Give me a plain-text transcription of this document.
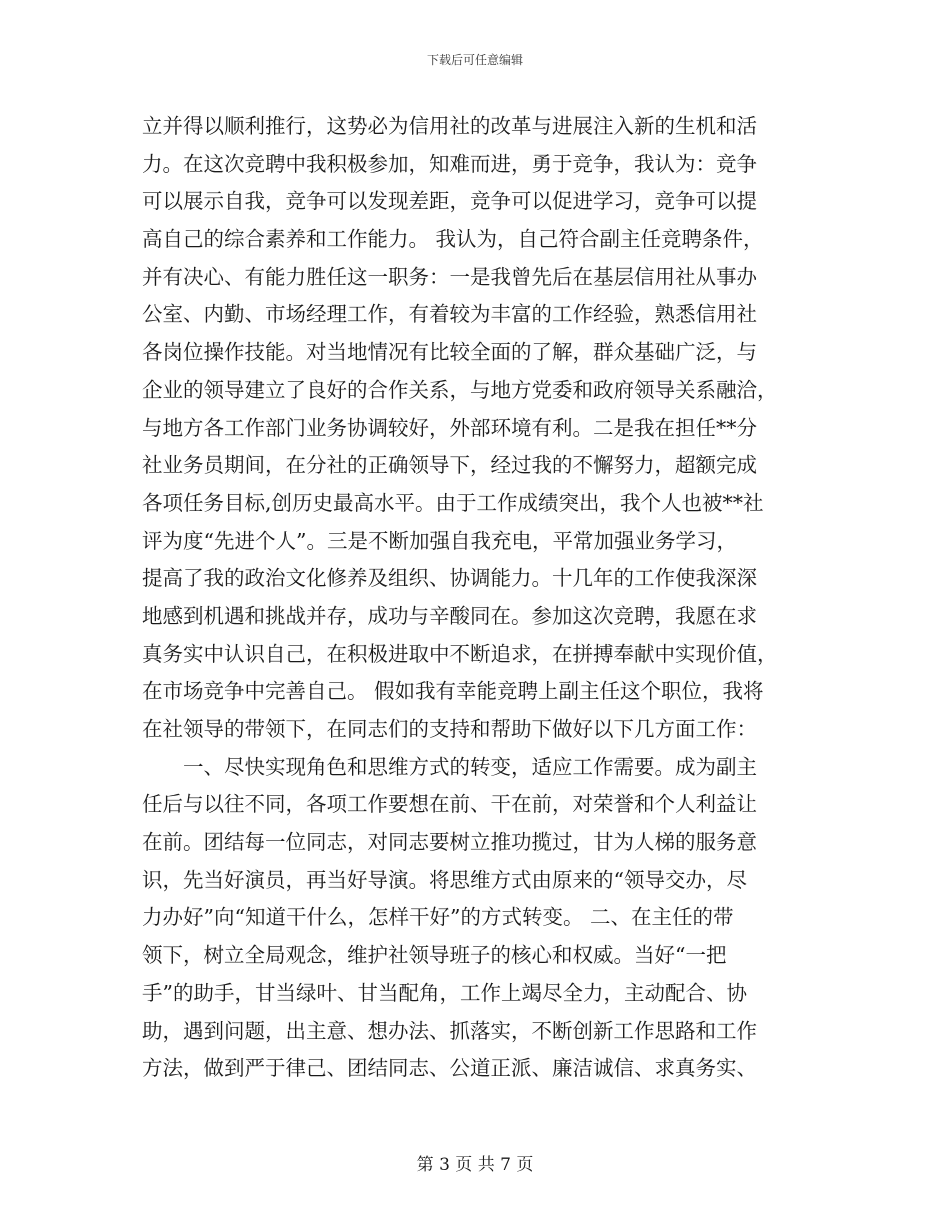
下载后可任意编辑
立并得以顺利推行，这势必为信用社的改革与进展注入新的生机和活
力。在这次竞聘中我积极参加，知难而进，勇于竞争，我认为：竞争
可以展示自我，竞争可以发现差距，竞争可以促进学习，竞争可以提
高自己的综合素养和工作能力。 我认为，自己符合副主任竞聘条件，
并有决心、有能力胜任这一职务：一是我曾先后在基层信用社从事办
公室、内勤、市场经理工作，有着较为丰富的工作经验，熟悉信用社
各岗位操作技能。对当地情况有比较全面的了解，群众基础广泛，与
企业的领导建立了良好的合作关系，与地方党委和政府领导关系融洽，
与地方各工作部门业务协调较好，外部环境有利。二是我在担任**分
社业务员期间，在分社的正确领导下，经过我的不懈努力，超额完成
各项任务目标,创历史最高水平。由于工作成绩突出，我个人也被**社
评为度“先进个人”。三是不断加强自我充电，平常加强业务学习，
提高了我的政治文化修养及组织、协调能力。十几年的工作使我深深
地感到机遇和挑战并存，成功与辛酸同在。参加这次竞聘，我愿在求
真务实中认识自己，在积极进取中不断追求，在拼搏奉献中实现价值，
在市场竞争中完善自己。 假如我有幸能竞聘上副主任这个职位，我将
在社领导的带领下，在同志们的支持和帮助下做好以下几方面工作：
　　一、尽快实现角色和思维方式的转变，适应工作需要。成为副主
任后与以往不同，各项工作要想在前、干在前，对荣誉和个人利益让
在前。团结每一位同志，对同志要树立推功揽过，甘为人梯的服务意
识，先当好演员，再当好导演。将思维方式由原来的“领导交办，尽
力办好”向“知道干什么，怎样干好”的方式转变。 二、在主任的带
领下，树立全局观念，维护社领导班子的核心和权威。当好“一把
手”的助手，甘当绿叶、甘当配角，工作上竭尽全力，主动配合、协
助，遇到问题，出主意、想办法、抓落实，不断创新工作思路和工作
方法，做到严于律己、团结同志、公道正派、廉洁诚信、求真务实、
第 3 页 共 7 页
